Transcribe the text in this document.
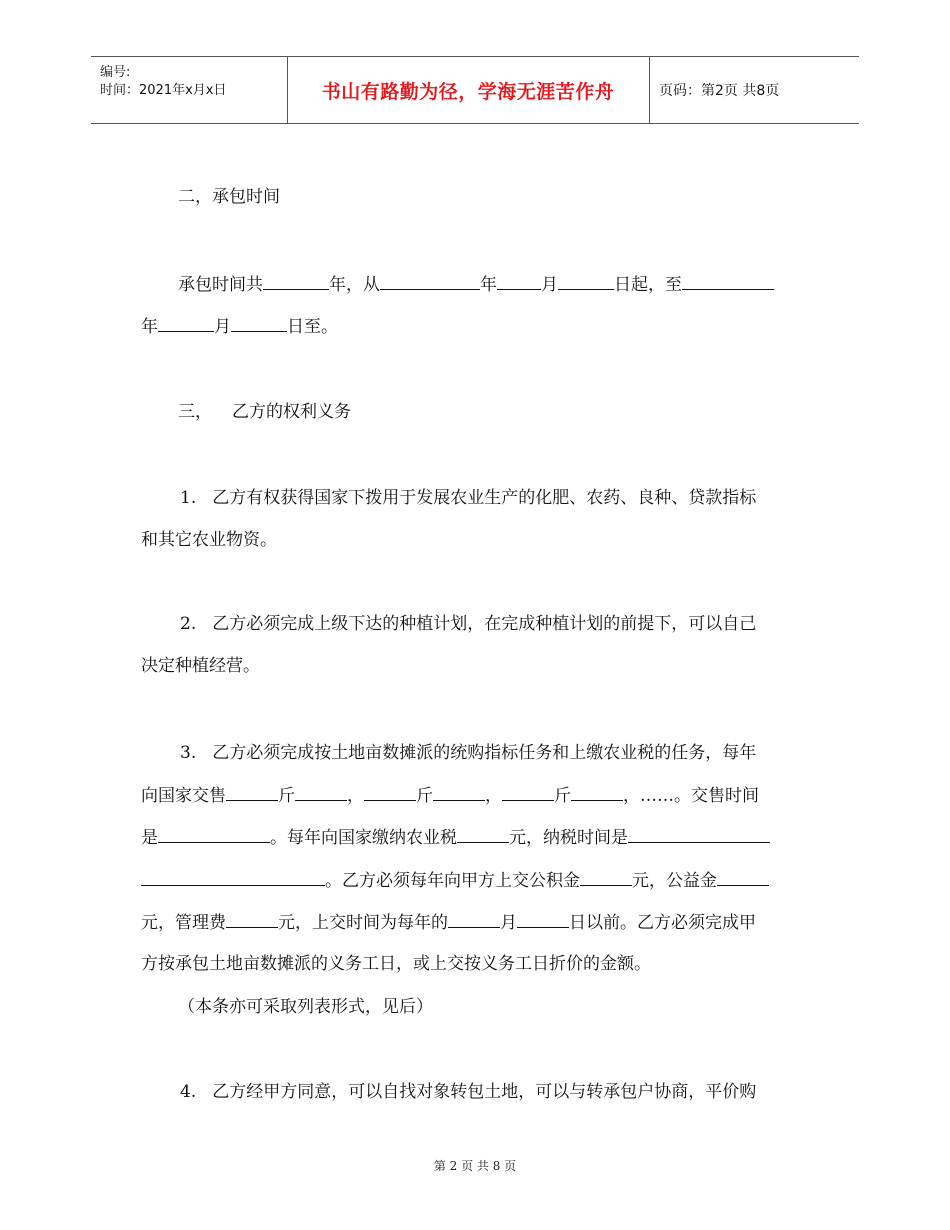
编号:
时间：2021年x月x日	书山有路勤为径，学海无涯苦作舟	页码：第2页 共8页
二，承包时间
承包时间共	年，从	年	月	日起，至
年	月	日至。
三， 乙方的权利义务
1. 乙方有权获得国家下拨用于发展农业生产的化肥、农药、良种、贷款指标
和其它农业物资。
2. 乙方必须完成上级下达的种植计划，在完成种植计划的前提下，可以自己
决定种植经营。
3. 乙方必须完成按土地亩数摊派的统购指标任务和上缴农业税的任务，每年
向国家交售	斤	，	斤	，	斤	，……。交售时间
是	。每年向国家缴纳农业税	元，纳税时间是
。乙方必须每年向甲方上交公积金	元，公益金
元，管理费	元，上交时间为每年的	月	日以前。乙方必须完成甲
方按承包土地亩数摊派的义务工日，或上交按义务工日折价的金额。
（本条亦可采取列表形式，见后）
4. 乙方经甲方同意，可以自找对象转包土地，可以与转承包户协商，平价购
第 2 页 共 8 页
